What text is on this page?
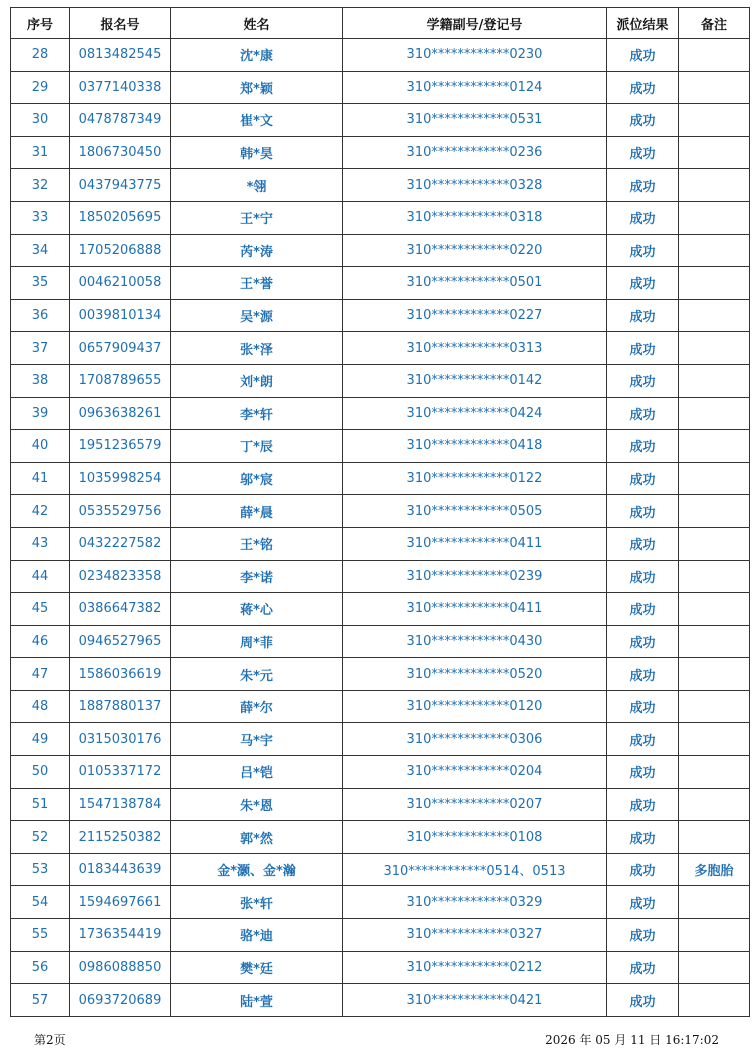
序号	报名号	姓名	学籍副号/登记号	派位结果	备注
28	0813482545	沈*康	310************0230	成功	
29	0377140338	郑*颖	310************0124	成功	
30	0478787349	崔*文	310************0531	成功	
31	1806730450	韩*昊	310************0236	成功	
32	0437943775	*翎	310************0328	成功	
33	1850205695	王*宁	310************0318	成功	
34	1705206888	芮*涛	310************0220	成功	
35	0046210058	王*誉	310************0501	成功	
36	0039810134	吴*源	310************0227	成功	
37	0657909437	张*泽	310************0313	成功	
38	1708789655	刘*朗	310************0142	成功	
39	0963638261	李*轩	310************0424	成功	
40	1951236579	丁*辰	310************0418	成功	
41	1035998254	邬*宸	310************0122	成功	
42	0535529756	薛*晨	310************0505	成功	
43	0432227582	王*铭	310************0411	成功	
44	0234823358	李*诺	310************0239	成功	
45	0386647382	蒋*心	310************0411	成功	
46	0946527965	周*菲	310************0430	成功	
47	1586036619	朱*元	310************0520	成功	
48	1887880137	薛*尔	310************0120	成功	
49	0315030176	马*宇	310************0306	成功	
50	0105337172	吕*铠	310************0204	成功	
51	1547138784	朱*恩	310************0207	成功	
52	2115250382	郭*然	310************0108	成功	
53	0183443639	金*灏、金*瀚	310************0514、0513	成功	多胞胎
54	1594697661	张*轩	310************0329	成功	
55	1736354419	骆*迪	310************0327	成功	
56	0986088850	樊*廷	310************0212	成功	
57	0693720689	陆*萱	310************0421	成功	
第2页	2026 年 05 月 11 日 16:17:02
